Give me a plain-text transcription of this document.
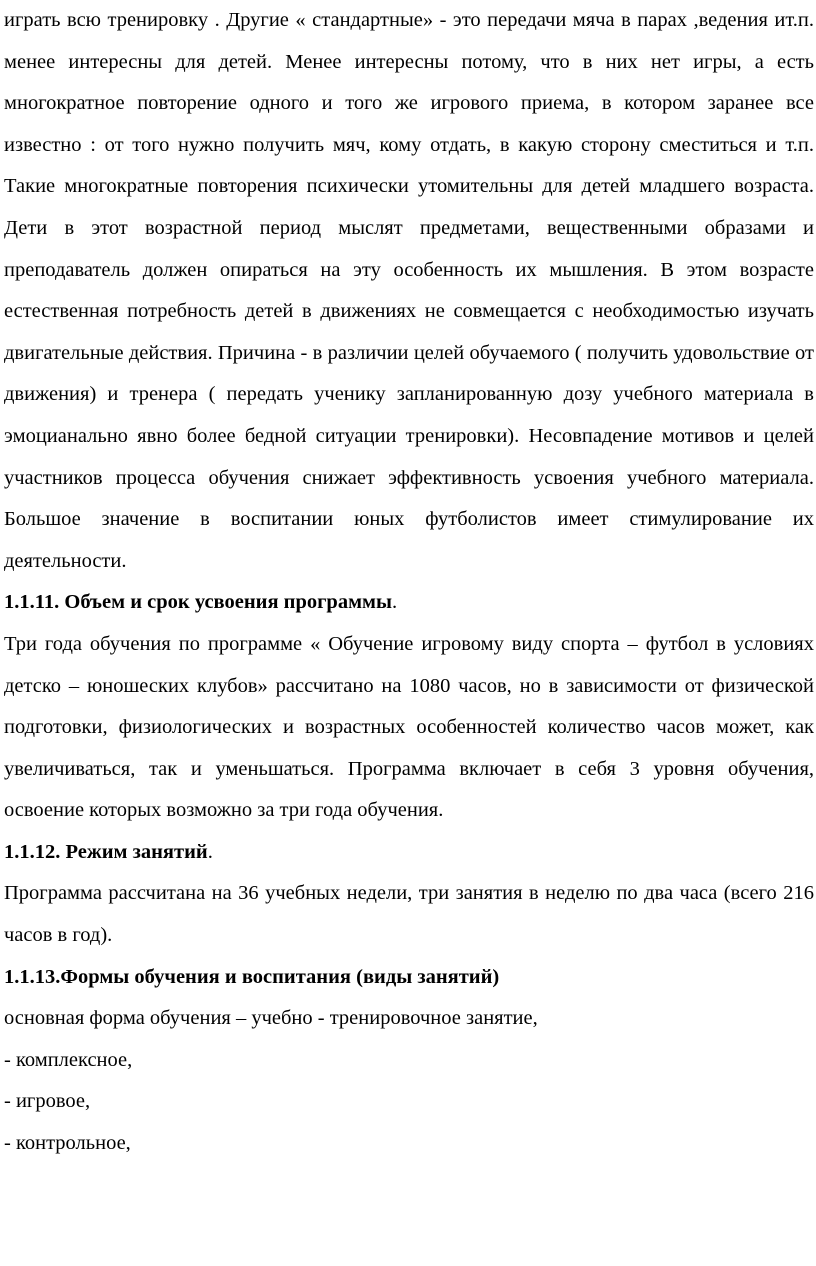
играть всю тренировку . Другие « стандартные» - это передачи мяча в парах ,ведения ит.п. менее интересны для детей. Менее интересны потому, что в них нет игры, а есть многократное повторение одного и того же игрового приема, в котором заранее все известно : от того нужно получить мяч, кому отдать, в какую сторону сместиться и т.п. Такие многократные повторения психически утомительны для детей младшего возраста. Дети в этот возрастной период мыслят предметами, вещественными образами и преподаватель должен опираться на эту особенность их мышления. В этом возрасте естественная потребность детей в движениях не совмещается с необходимостью изучать двигательные действия. Причина - в различии целей обучаемого ( получить удовольствие от движения) и тренера ( передать ученику запланированную дозу учебного материала в эмоцианально явно более бедной ситуации тренировки). Несовпадение мотивов и целей участников процесса обучения снижает эффективность усвоения учебного материала. Большое значение в воспитании юных футболистов имеет стимулирование их деятельности.

1.1.11. Объем и срок усвоения программы.

Три года обучения по программе « Обучение игровому виду спорта – футбол в условиях детско – юношеских клубов» рассчитано на 1080 часов, но в зависимости от физической подготовки, физиологических и возрастных особенностей количество часов может, как увеличиваться, так и уменьшаться. Программа включает в себя 3 уровня обучения, освоение которых возможно за три года обучения.

1.1.12. Режим занятий.

Программа рассчитана на 36 учебных недели, три занятия в неделю по два часа (всего 216 часов в год).

1.1.13.Формы обучения и воспитания (виды занятий)

основная форма обучения – учебно - тренировочное занятие,

- комплексное,

- игровое,

- контрольное,
